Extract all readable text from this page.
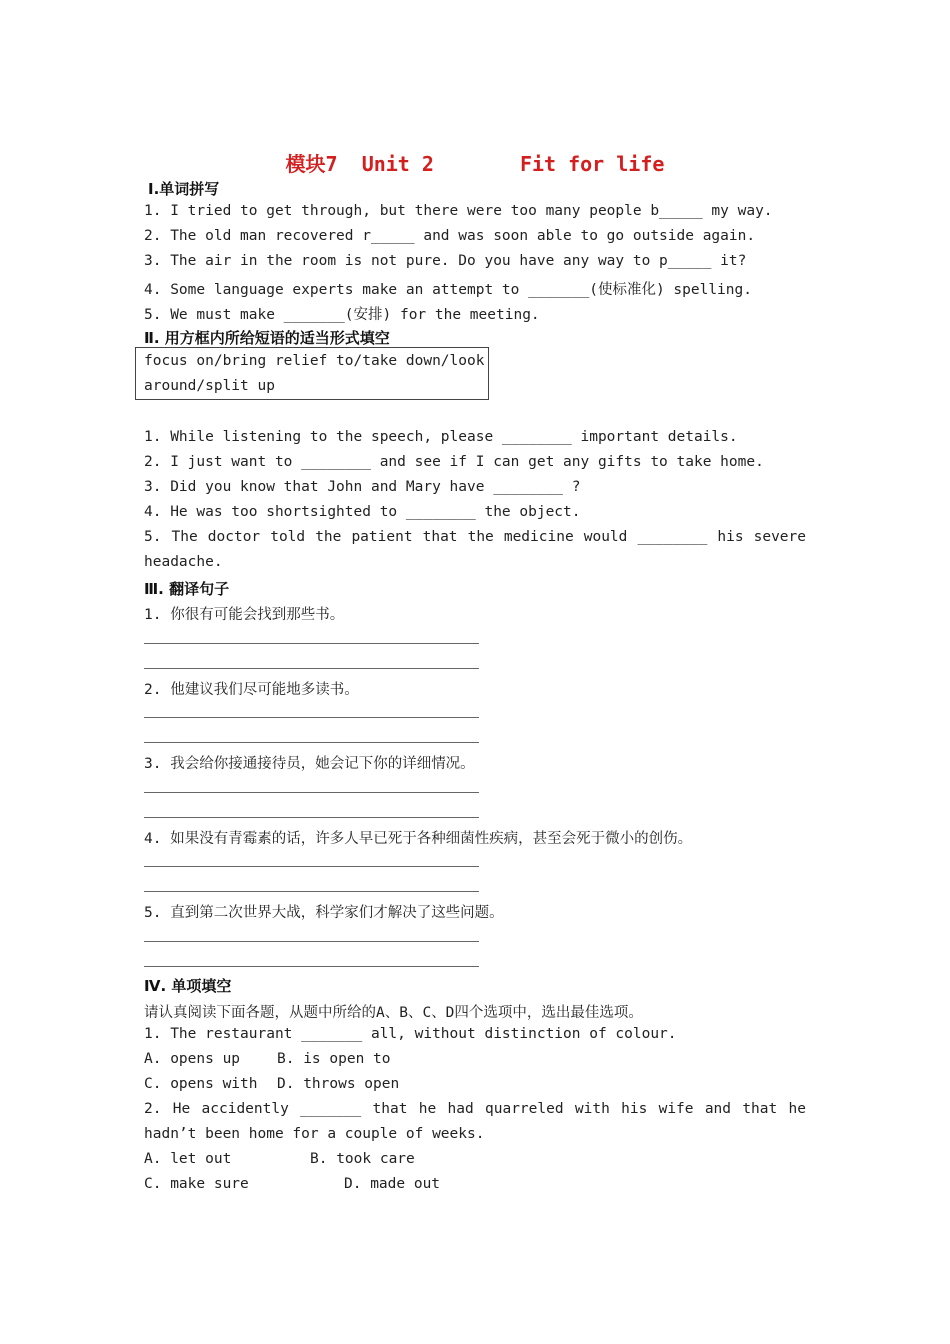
模块7 Unit 2	Fit for life
Ⅰ.单词拼写
1. I tried to get through, but there were too many people b_____ my way.
2. The old man recovered r_____ and was soon able to go outside again.
3. The air in the room is not pure. Do you have any way to p_____ it?
4. Some language experts make an attempt to _______(使标准化) spelling.
5. We must make _______(安排) for the meeting.
Ⅱ. 用方框内所给短语的适当形式填空
focus on/bring relief to/take down/look
around/split up
1. While listening to the speech, please ________ important details.
2. I just want to ________ and see if I can get any gifts to take home.
3. Did you know that John and Mary have ________ ?
4. He was too shortsighted to ________ the object.
5. The doctor told the patient that the medicine would ________ his severe
headache.
Ⅲ. 翻译句子
1. 你很有可能会找到那些书。
2. 他建议我们尽可能地多读书。
3. 我会给你接通接待员，她会记下你的详细情况。
4. 如果没有青霉素的话，许多人早已死于各种细菌性疾病，甚至会死于微小的创伤。
5. 直到第二次世界大战，科学家们才解决了这些问题。
Ⅳ. 单项填空
请认真阅读下面各题，从题中所给的A、B、C、D四个选项中，选出最佳选项。
1. The restaurant _______ all, without distinction of colour.
A. opens up	B. is open to
C. opens with D. throws open
2. He accidently _______ that he had quarreled with his wife and that he
hadn’t been home for a couple of weeks.
A. let out	B. took care
C. make sure	D. made out
